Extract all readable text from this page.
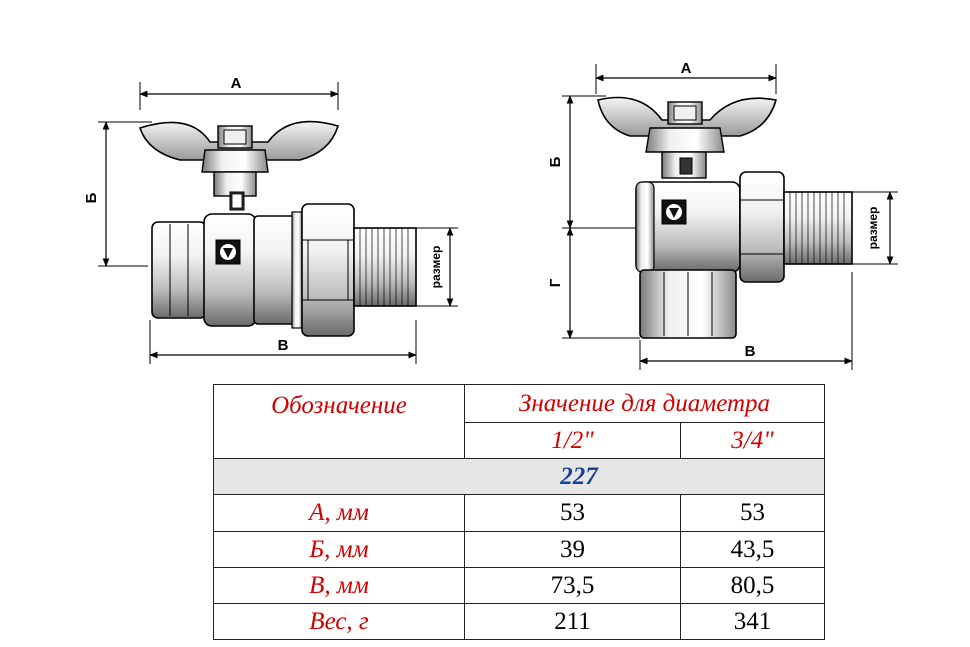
A
Б
B
размер
A
Б
Г
B
размер
Обозначение	Значение для диаметра	
	1/2"	3/4"
227		
А, мм	53	53
Б, мм	39	43,5
В, мм	73,5	80,5
Вес, г	211	341
